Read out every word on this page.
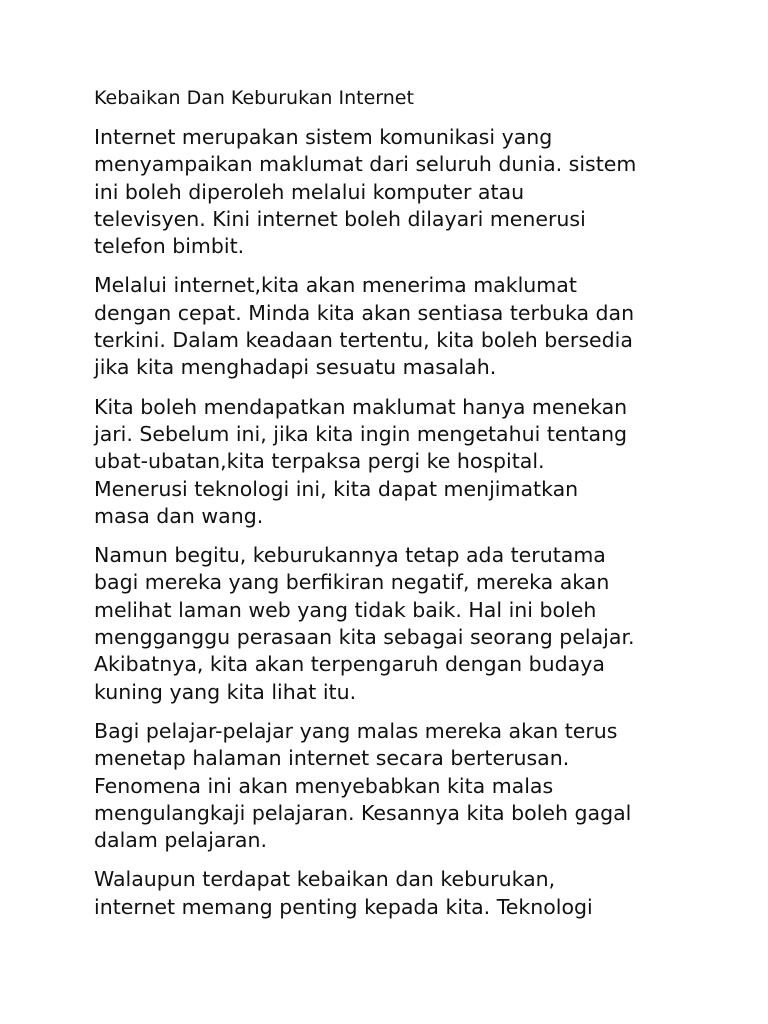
Kebaikan Dan Keburukan Internet
Internet merupakan sistem komunikasi yang
menyampaikan maklumat dari seluruh dunia. sistem
ini boleh diperoleh melalui komputer atau
televisyen. Kini internet boleh dilayari menerusi
telefon bimbit.
Melalui internet,kita akan menerima maklumat
dengan cepat. Minda kita akan sentiasa terbuka dan
terkini. Dalam keadaan tertentu, kita boleh bersedia
jika kita menghadapi sesuatu masalah.
Kita boleh mendapatkan maklumat hanya menekan
jari. Sebelum ini, jika kita ingin mengetahui tentang
ubat-ubatan,kita terpaksa pergi ke hospital.
Menerusi teknologi ini, kita dapat menjimatkan
masa dan wang.
Namun begitu, keburukannya tetap ada terutama
bagi mereka yang berfikiran negatif, mereka akan
melihat laman web yang tidak baik. Hal ini boleh
mengganggu perasaan kita sebagai seorang pelajar.
Akibatnya, kita akan terpengaruh dengan budaya
kuning yang kita lihat itu.
Bagi pelajar-pelajar yang malas mereka akan terus
menetap halaman internet secara berterusan.
Fenomena ini akan menyebabkan kita malas
mengulangkaji pelajaran. Kesannya kita boleh gagal
dalam pelajaran.
Walaupun terdapat kebaikan dan keburukan,
internet memang penting kepada kita. Teknologi
